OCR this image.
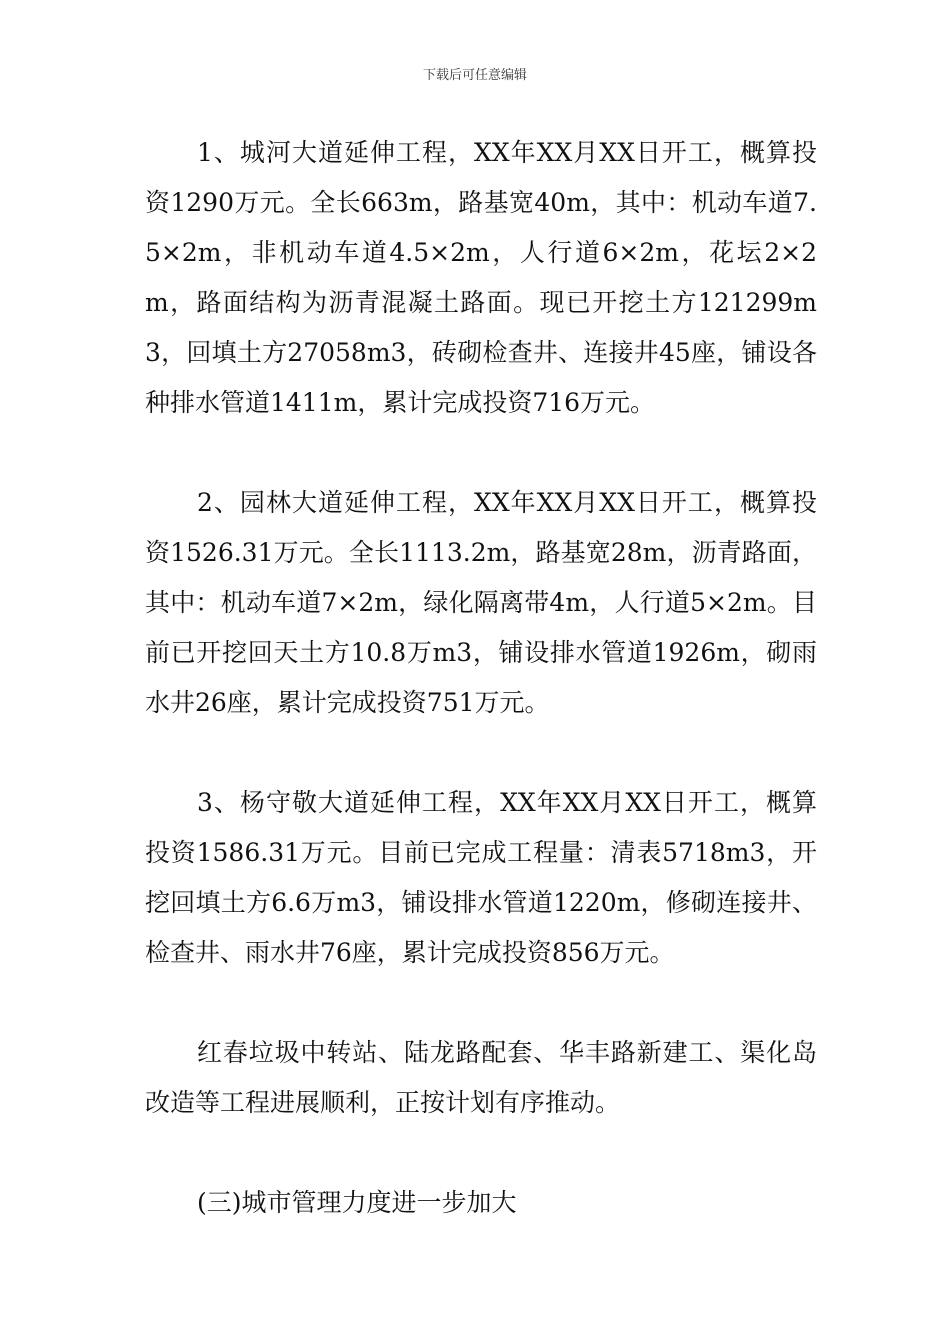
下载后可任意编辑

1、城河大道延伸工程，XX年XX月XX日开工，概算投资1290万元。全长663m，路基宽40m，其中：机动车道7.5×2m，非机动车道4.5×2m，人行道6×2m，花坛2×2m，路面结构为沥青混凝土路面。现已开挖土方121299m3，回填土方27058m3，砖砌检查井、连接井45座，铺设各种排水管道1411m，累计完成投资716万元。

2、园林大道延伸工程，XX年XX月XX日开工，概算投资1526.31万元。全长1113.2m，路基宽28m，沥青路面，其中：机动车道7×2m，绿化隔离带4m，人行道5×2m。目前已开挖回天土方10.8万m3，铺设排水管道1926m，砌雨水井26座，累计完成投资751万元。

3、杨守敬大道延伸工程，XX年XX月XX日开工，概算投资1586.31万元。目前已完成工程量：清表5718m3，开挖回填土方6.6万m3，铺设排水管道1220m，修砌连接井、检查井、雨水井76座，累计完成投资856万元。

红春垃圾中转站、陆龙路配套、华丰路新建工、渠化岛改造等工程进展顺利，正按计划有序推动。

(三)城市管理力度进一步加大
